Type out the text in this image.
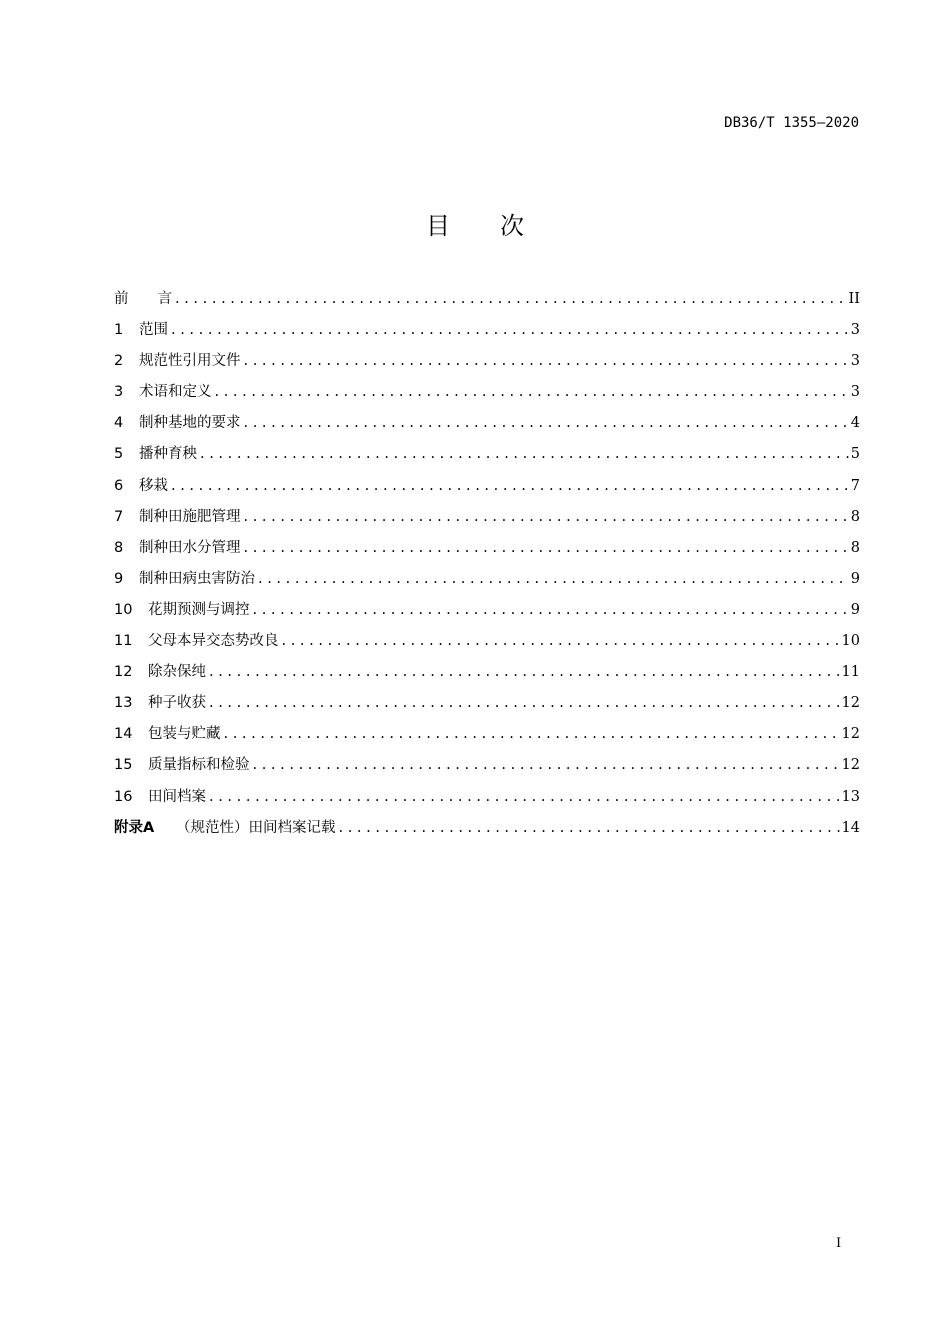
DB36/T 1355—2020
目 次
前　　言 . . .	II
1	范围 . . .	3
2	规范性引用文件 . . .	3
3	术语和定义 . . .	3
4	制种基地的要求 . . .	4
5	播种育秧 . . .	5
6	移栽 . . .	7
7	制种田施肥管理 . . .	8
8	制种田水分管理 . . .	8
9	制种田病虫害防治 . . .	9
10	花期预测与调控 . . .	9
11	父母本异交态势改良 . . .	10
12	除杂保纯 . . .	11
13	种子收获 . . .	12
14	包装与贮藏 . . .	12
15	质量指标和检验 . . .	12
16	田间档案 . . .	13
附录A	（规范性）田间档案记载 . . .	14
I
